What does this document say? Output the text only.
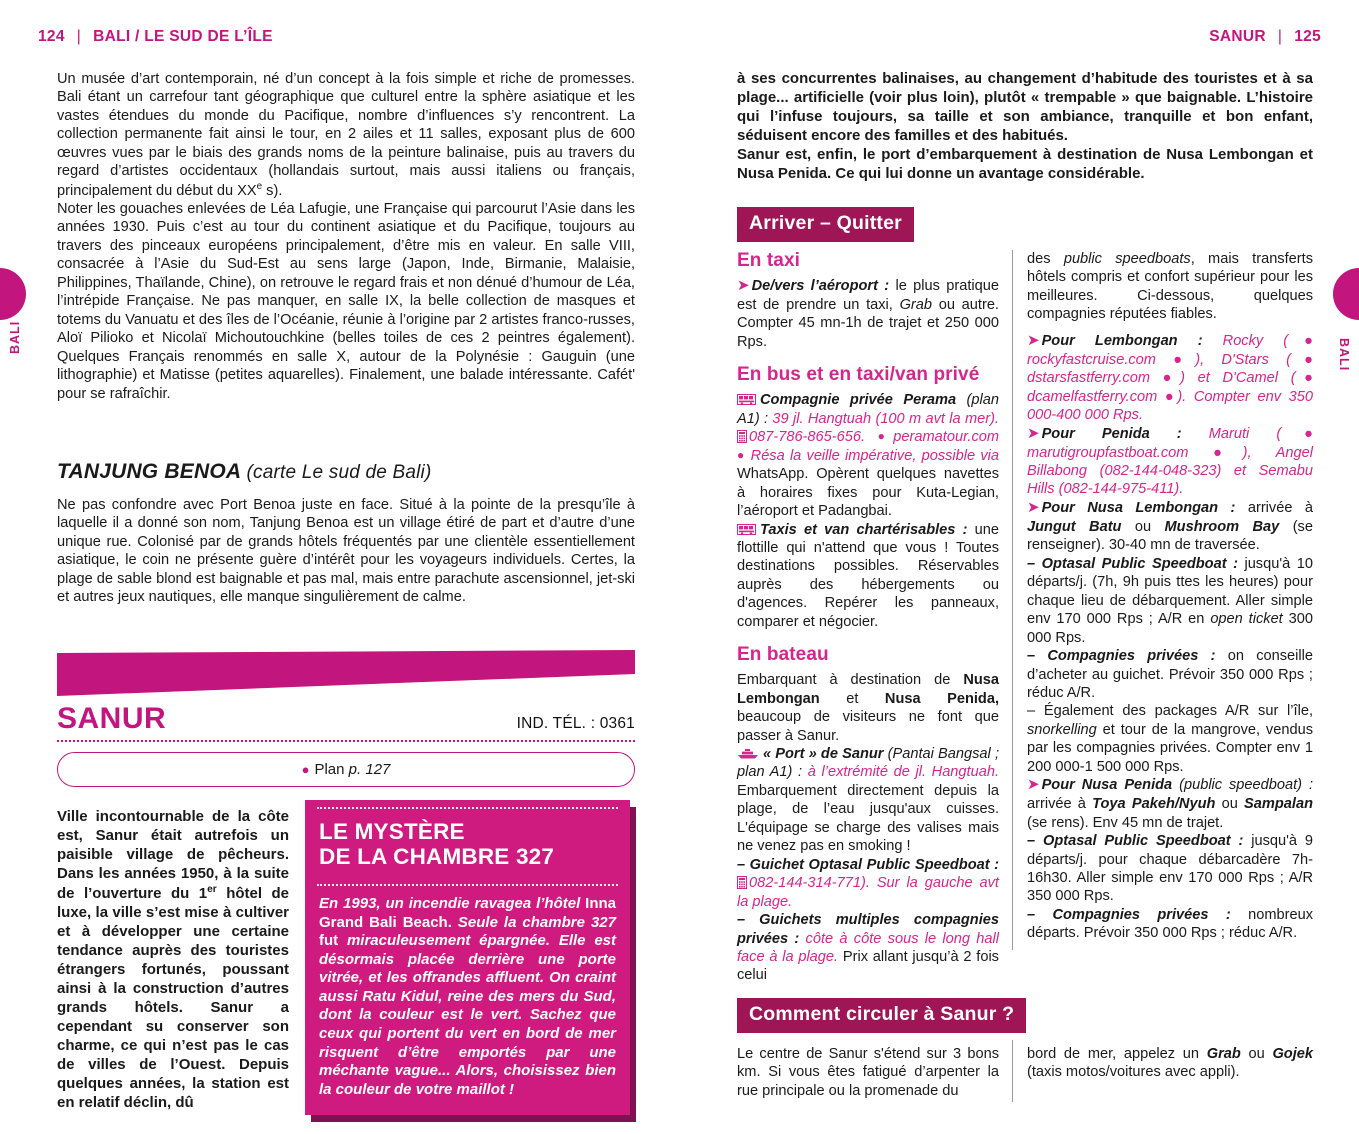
124 | BALI / LE SUD DE L’ÎLE	SANUR | 125
BALI
BALI

Un musée d’art contemporain, né d’un concept à la fois simple et riche de promesses. Bali étant un carrefour tant géographique que culturel entre la sphère asiatique et les vastes étendues du monde du Pacifique, nombre d’influences s’y rencontrent. La collection permanente fait ainsi le tour, en 2 ailes et 11 salles, exposant plus de 600 œuvres vues par le biais des grands noms de la peinture balinaise, puis au travers du regard d’artistes occidentaux (hollandais surtout, mais aussi italiens ou français, principalement du début du XXe s).

Noter les gouaches enlevées de Léa Lafugie, une Française qui parcourut l’Asie dans les années 1930. Puis c’est au tour du continent asiatique et du Pacifique, toujours au travers des pinceaux européens principalement, d’être mis en valeur. En salle VIII, consacrée à l’Asie du Sud-Est au sens large (Japon, Inde, Birmanie, Malaisie, Philippines, Thaïlande, Chine), on retrouve le regard frais et non dénué d’humour de Léa, l’intrépide Française. Ne pas manquer, en salle IX, la belle collection de masques et totems du Vanuatu et des îles de l’Océanie, réunie à l’origine par 2 artistes franco-russes, Aloï Pilioko et Nicolaï Michoutouchkine (belles toiles de ces 2 peintres également). Quelques Français renommés en salle X, autour de la Polynésie : Gauguin (une lithographie) et Matisse (petites aquarelles). Finalement, une balade intéressante. Cafét' pour se rafraîchir.

TANJUNG BENOA (carte Le sud de Bali)

Ne pas confondre avec Port Benoa juste en face. Situé à la pointe de la presqu’île à laquelle il a donné son nom, Tanjung Benoa est un village étiré de part et d’autre d’une unique rue. Colonisé par de grands hôtels fréquentés par une clientèle essentiellement asiatique, le coin ne présente guère d’intérêt pour les voyageurs individuels. Certes, la plage de sable blond est baignable et pas mal, mais entre parachute ascensionnel, jet-ski et autres jeux nautiques, elle manque singulièrement de calme.

SANUR	IND. TÉL. : 0361
● Plan
p. 127

Ville incontournable de la côte est, Sanur était autrefois un paisible village de pêcheurs. Dans les années 1950, à la suite de l’ouverture du 1er hôtel de luxe, la ville s’est mise à cultiver et à développer une certaine tendance auprès des touristes étrangers fortunés, poussant ainsi à la construction d’autres grands hôtels. Sanur a cependant su conserver son charme, ce qui n’est pas le cas de villes de l’Ouest. Depuis quelques années, la station est en relatif déclin, dû

LE MYSTÈRE
DE LA CHAMBRE 327
En 1993, un incendie ravagea l’hôtel Inna Grand Bali Beach. Seule la chambre 327 fut miraculeusement épargnée. Elle est désormais placée derrière une porte vitrée, et les offrandes affluent. On craint aussi Ratu Kidul, reine des mers du Sud, dont la couleur est le vert. Sachez que ceux qui portent du vert en bord de mer risquent d’être emportés par une méchante vague... Alors, choisissez bien la couleur de votre maillot !

à ses concurrentes balinaises, au changement d’habitude des touristes et à sa plage... artificielle (voir plus loin), plutôt « trempable » que baignable. L’histoire qui l’infuse toujours, sa taille et son ambiance, tranquille et bon enfant, séduisent encore des familles et des habitués.

Sanur est, enfin, le port d’embarquement à destination de Nusa Lembongan et Nusa Penida. Ce qui lui donne un avantage considérable.

Arriver – Quitter
Comment circuler à Sanur ?

En taxi

➤ De/vers l’aéroport : le plus pratique est de prendre un taxi, Grab ou autre. Compter 45 mn-1h de trajet et 250 000 Rps.

En bus et en taxi/van privé

Compagnie privée Perama (plan A1) : 39 jl. Hangtuah (100 m avt la mer). 087-786-865-656. ● peramatour.com ● Résa la veille impérative, possible via WhatsApp. Opèrent quelques navettes à horaires fixes pour Kuta-Legian, l’aéroport et Padangbai.

Taxis et van chartérisables : une flottille qui n'attend que vous ! Toutes destinations possibles. Réservables auprès des hébergements ou d'agences. Repérer les panneaux, comparer et négocier.

En bateau

Embarquant à destination de Nusa Lembongan et Nusa Penida, beaucoup de visiteurs ne font que passer à Sanur.

« Port » de Sanur (Pantai Bangsal ; plan A1) : à l’extrémité de jl. Hangtuah. Embarquement directement depuis la plage, de l’eau jusqu'aux cuisses. L'équipage se charge des valises mais ne venez pas en smoking !

– Guichet Optasal Public Speedboat : 082-144-314-771). Sur la gauche avt la plage.

– Guichets multiples compagnies privées : côte à côte sous le long hall face à la plage. Prix allant jusqu’à 2 fois celui

des public speedboats, mais transferts hôtels compris et confort supérieur pour les meilleures. Ci-dessous, quelques compagnies réputées fiables.

➤ Pour Lembongan : Rocky (● rockyfastcruise.com ●), D'Stars (● dstarsfastferry.com ●) et D'Camel (● dcamelfastferry.com ●). Compter env 350 000-400 000 Rps.

➤ Pour Penida : Maruti (● marutigroupfastboat.com ●), Angel Billabong (082-144-048-323) et Semabu Hills (082-144-975-411).

➤ Pour Nusa Lembongan : arrivée à Jungut Batu ou Mushroom Bay (se renseigner). 30-40 mn de traversée.

– Optasal Public Speedboat : jusqu'à 10 départs/j. (7h, 9h puis ttes les heures) pour chaque lieu de débarquement. Aller simple env 170 000 Rps ; A/R en open ticket 300 000 Rps.

– Compagnies privées : on conseille d’acheter au guichet. Prévoir 350 000 Rps ; réduc A/R.

– Également des packages A/R sur l’île, snorkelling et tour de la mangrove, vendus par les compagnies privées. Compter env 1 200 000-1 500 000 Rps.

➤ Pour Nusa Penida (public speedboat) : arrivée à Toya Pakeh/Nyuh ou Sampalan (se rens). Env 45 mn de trajet.

– Optasal Public Speedboat : jusqu'à 9 départs/j. pour chaque débarcadère 7h-16h30. Aller simple env 170 000 Rps ; A/R 350 000 Rps.

– Compagnies privées : nombreux départs. Prévoir 350 000 Rps ; réduc A/R.

Le centre de Sanur s'étend sur 3 bons km. Si vous êtes fatigué d’arpenter la rue principale ou la promenade du

bord de mer, appelez un Grab ou Gojek (taxis motos/voitures avec appli).
